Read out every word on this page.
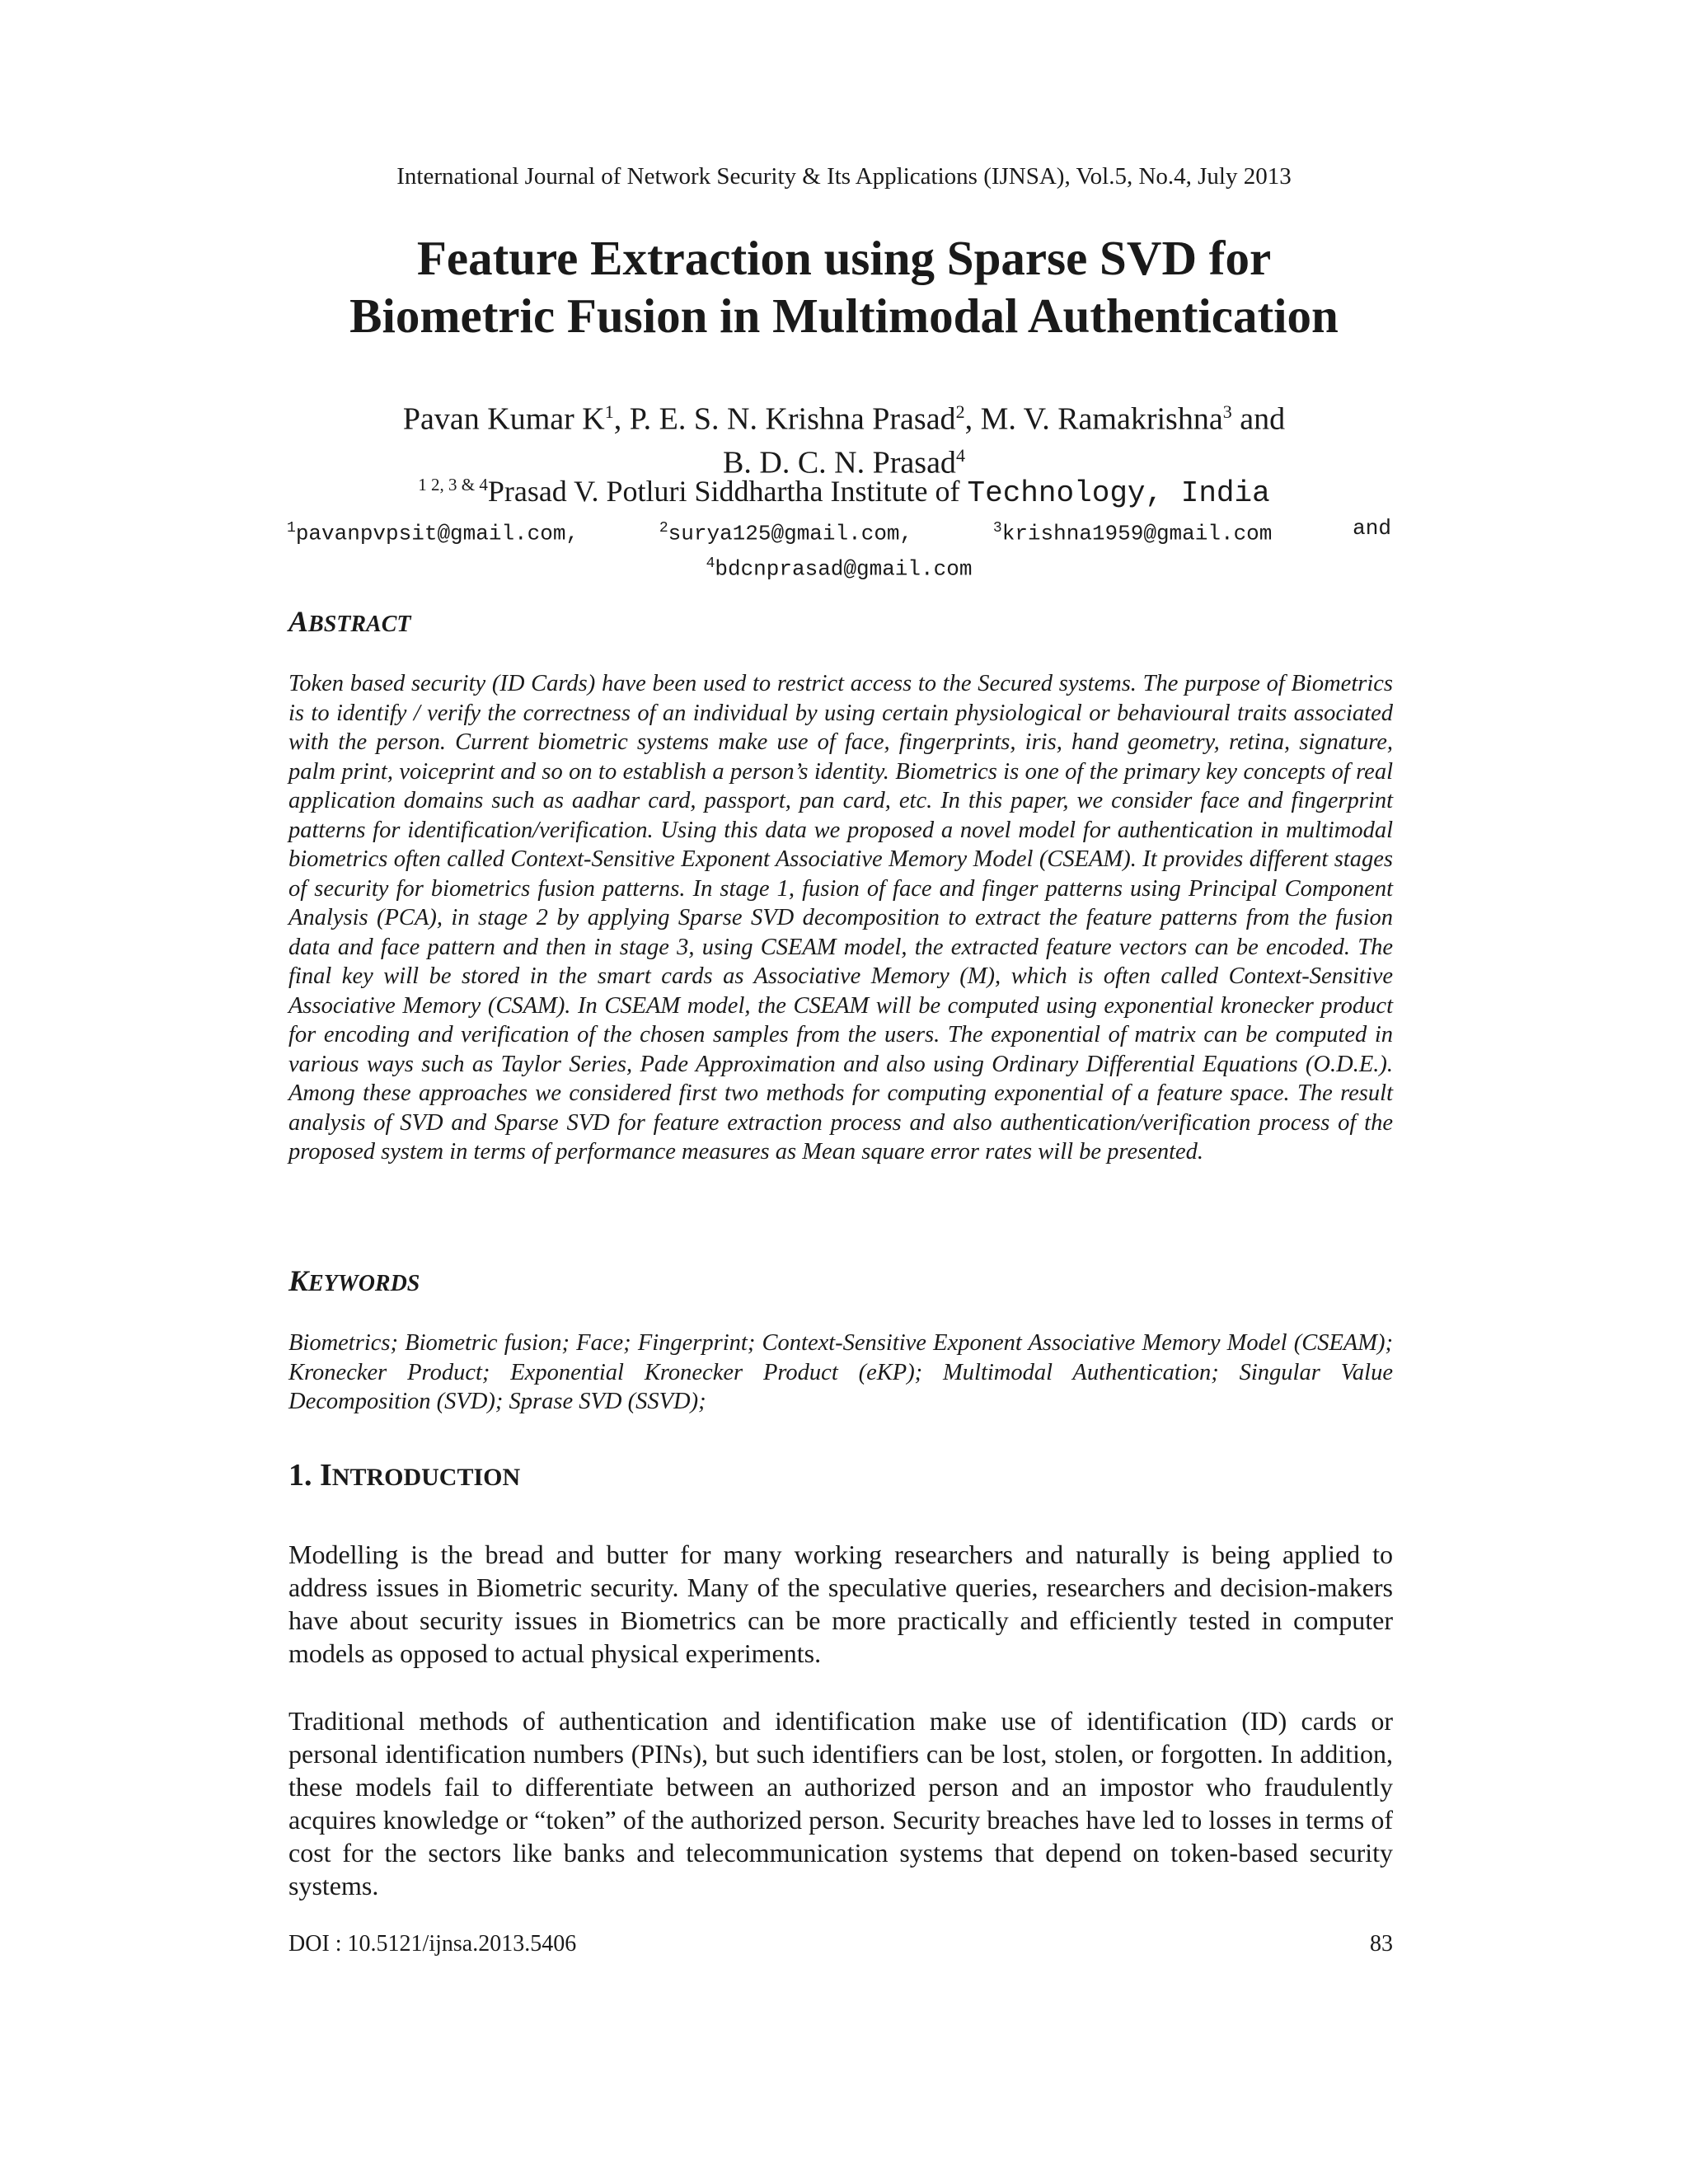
International Journal of Network Security & Its Applications (IJNSA), Vol.5, No.4, July 2013
Feature Extraction using Sparse SVD for
Biometric Fusion in Multimodal Authentication
Pavan Kumar $K^1$, P. E. S. N. Krishna Prasad$^2$, M. V. Ramakrishna$^3$ and
B. D. C. N. Prasad$^4$
$^{1 2, 3 \& 4}$Prasad V. Potluri Siddhartha Institute of Technology, India
$^1$pavanpvpsit@gmail.com,	$^2$surya125@gmail.com,	$^3$krishna1959@gmail.com	and
$^4$bdcnprasad@gmail.com
ABSTRACT
Token based security (ID Cards) have been used to restrict access to the Secured systems. The purpose of Biometrics is to identify / verify the correctness of an individual by using certain physiological or behavioural traits associated with the person. Current biometric systems make use of face, fingerprints, iris, hand geometry, retina, signature, palm print, voiceprint and so on to establish a person’s identity. Biometrics is one of the primary key concepts of real application domains such as aadhar card, passport, pan card, etc. In this paper, we consider face and fingerprint patterns for identification/verification. Using this data we proposed a novel model for authentication in multimodal biometrics often called Context-Sensitive Exponent Associative Memory Model (CSEAM). It provides different stages of security for biometrics fusion patterns. In stage 1, fusion of face and finger patterns using Principal Component Analysis (PCA), in stage 2 by applying Sparse SVD decomposition to extract the feature patterns from the fusion data and face pattern and then in stage 3, using CSEAM model, the extracted feature vectors can be encoded. The final key will be stored in the smart cards as Associative Memory (M), which is often called Context-Sensitive Associative Memory (CSAM). In CSEAM model, the CSEAM will be computed using exponential kronecker product for encoding and verification of the chosen samples from the users. The exponential of matrix can be computed in various ways such as Taylor Series, Pade Approximation and also using Ordinary Differential Equations (O.D.E.). Among these approaches we considered first two methods for computing exponential of a feature space. The result analysis of SVD and Sparse SVD for feature extraction process and also authentication/verification process of the proposed system in terms of performance measures as Mean square error rates will be presented.
KEYWORDS
Biometrics; Biometric fusion; Face; Fingerprint; Context-Sensitive Exponent Associative Memory Model (CSEAM); Kronecker Product; Exponential Kronecker Product (eKP); Multimodal Authentication; Singular Value Decomposition (SVD); Sprase SVD (SSVD);
1. INTRODUCTION
Modelling is the bread and butter for many working researchers and naturally is being applied to address issues in Biometric security. Many of the speculative queries, researchers and decision-makers have about security issues in Biometrics can be more practically and efficiently tested in computer models as opposed to actual physical experiments.
Traditional methods of authentication and identification make use of identification (ID) cards or personal identification numbers (PINs), but such identifiers can be lost, stolen, or forgotten. In addition, these models fail to differentiate between an authorized person and an impostor who fraudulently acquires knowledge or “token” of the authorized person. Security breaches have led to losses in terms of cost for the sectors like banks and telecommunication systems that depend on token-based security systems.
DOI : 10.5121/ijnsa.2013.5406	83
